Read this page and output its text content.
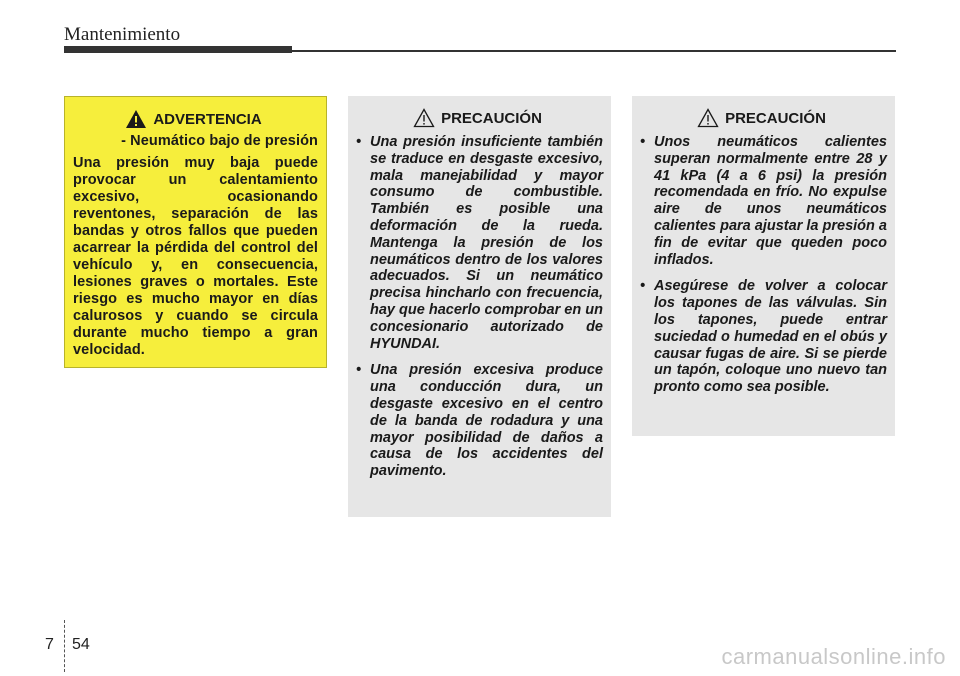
Mantenimiento
ADVERTENCIA
- Neumático bajo de presión

Una presión muy baja puede provocar un calentamiento excesivo, ocasionando reventones, separación de las bandas y otros fallos que pueden acarrear la pérdida del control del vehículo y, en consecuencia, lesiones graves o mortales. Este riesgo es mucho mayor en días calurosos y cuando se circula durante mucho tiempo a gran velocidad.

PRECAUCIÓN
• Una presión insuficiente también se traduce en desgaste excesivo, mala manejabilidad y mayor consumo de combustible. También es posible una deformación de la rueda. Mantenga la presión de los neumáticos dentro de los valores adecuados. Si un neumático precisa hincharlo con frecuencia, hay que hacerlo comprobar en un concesionario autorizado de HYUNDAI.
• Una presión excesiva produce una conducción dura, un desgaste excesivo en el centro de la banda de rodadura y una mayor posibilidad de daños a causa de los accidentes del pavimento.
PRECAUCIÓN
• Unos neumáticos calientes superan normalmente entre 28 y 41 kPa (4 a 6 psi) la presión recomendada en frío. No expulse aire de unos neumáticos calientes para ajustar la presión a fin de evitar que queden poco inflados.
• Asegúrese de volver a colocar los tapones de las válvulas. Sin los tapones, puede entrar suciedad o humedad en el obús y causar fugas de aire. Si se pierde un tapón, coloque uno nuevo tan pronto como sea posible.
7 54	carmanualsonline.info
